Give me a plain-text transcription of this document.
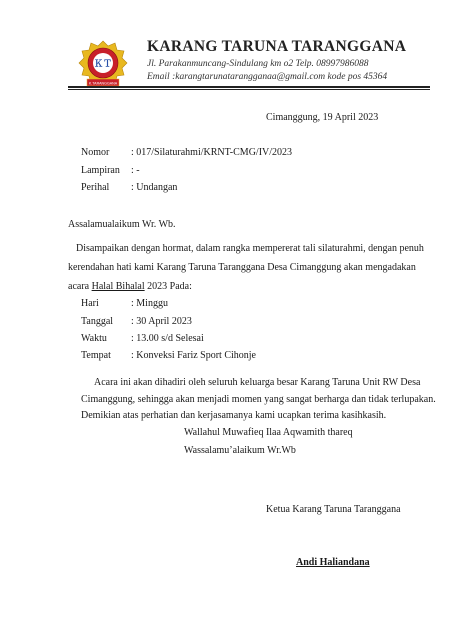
ＫＴ
K.TARANGGANA
KARANG TARUNA TARANGGANA
Jl. Parakanmuncang-Sindulang km o2 Telp. 08997986088
Email :karangtarunatarangganaa@gmail.com kode pos 45364
Cimanggung, 19 April 2023
Nomor : 017/Silaturahmi/KRNT-CMG/IV/2023
Lampiran : -
Perihal : Undangan
Assalamualaikum Wr. Wb.
Disampaikan dengan hormat, dalam rangka mempererat tali silaturahmi, dengan penuh
kerendahan hati kami Karang Taruna Taranggana Desa Cimanggung akan mengadakan
acara Halal Bihalal 2023 Pada:
Hari	: Minggu
Tanggal : 30 April 2023
Waktu : 13.00 s/d Selesai
Tempat : Konveksi Fariz Sport Cihonje
Acara ini akan dihadiri oleh seluruh keluarga besar Karang Taruna Unit RW Desa
Cimanggung, sehingga akan menjadi momen yang sangat berharga dan tidak terlupakan.
Demikian atas perhatian dan kerjasamanya kami ucapkan terima kasihkasih.
Wallahul Muwafieq Ilaa Aqwamith thareq
Wassalamu’alaikum Wr.Wb
Ketua Karang Taruna Taranggana
Andi Haliandana
